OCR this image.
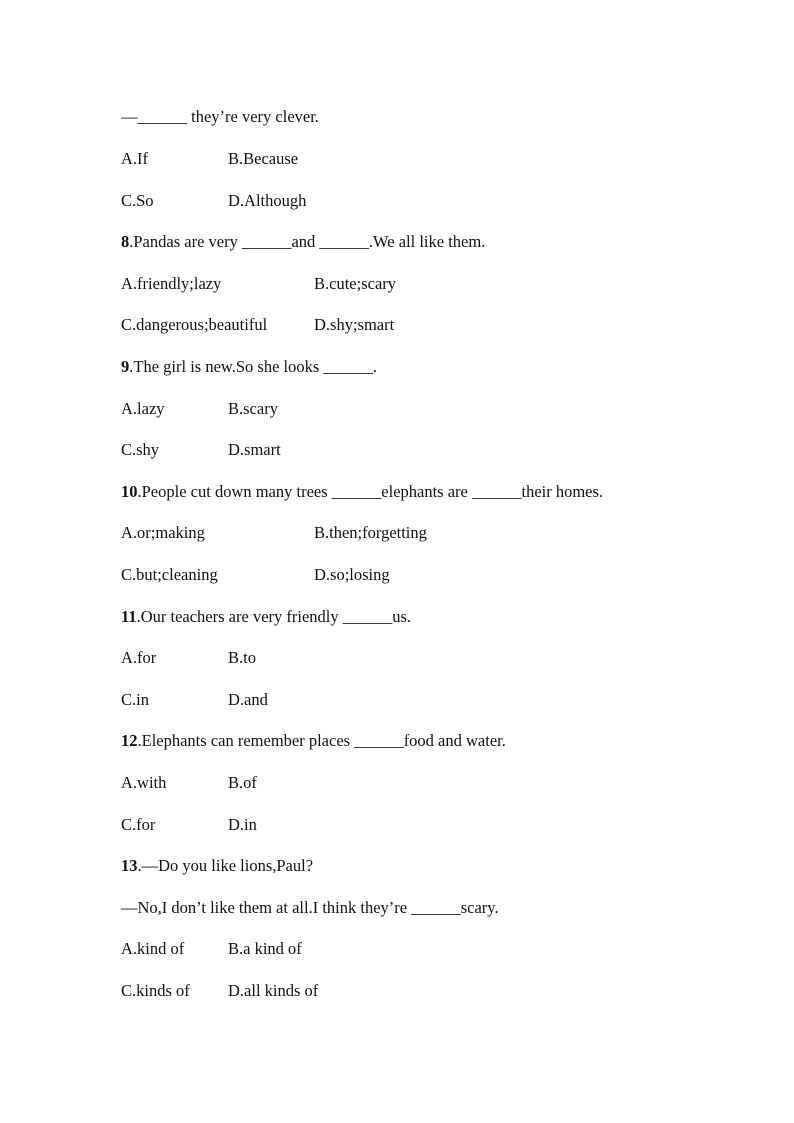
—______ they’re very clever.
A.If	B.Because
C.So	D.Although
8.Pandas are very ______and ______.We all like them.
A.friendly;lazy	B.cute;scary
C.dangerous;beautiful	D.shy;smart
9.The girl is new.So she looks ______.
A.lazy	B.scary
C.shy	D.smart
10.People cut down many trees ______elephants are ______their homes.
A.or;making	B.then;forgetting
C.but;cleaning	D.so;losing
11.Our teachers are very friendly ______us.
A.for	B.to
C.in	D.and
12.Elephants can remember places ______food and water.
A.with	B.of
C.for	D.in
13.—Do you like lions,Paul?
—No,I don’t like them at all.I think they’re ______scary.
A.kind of	B.a kind of
C.kinds of D.all kinds of
